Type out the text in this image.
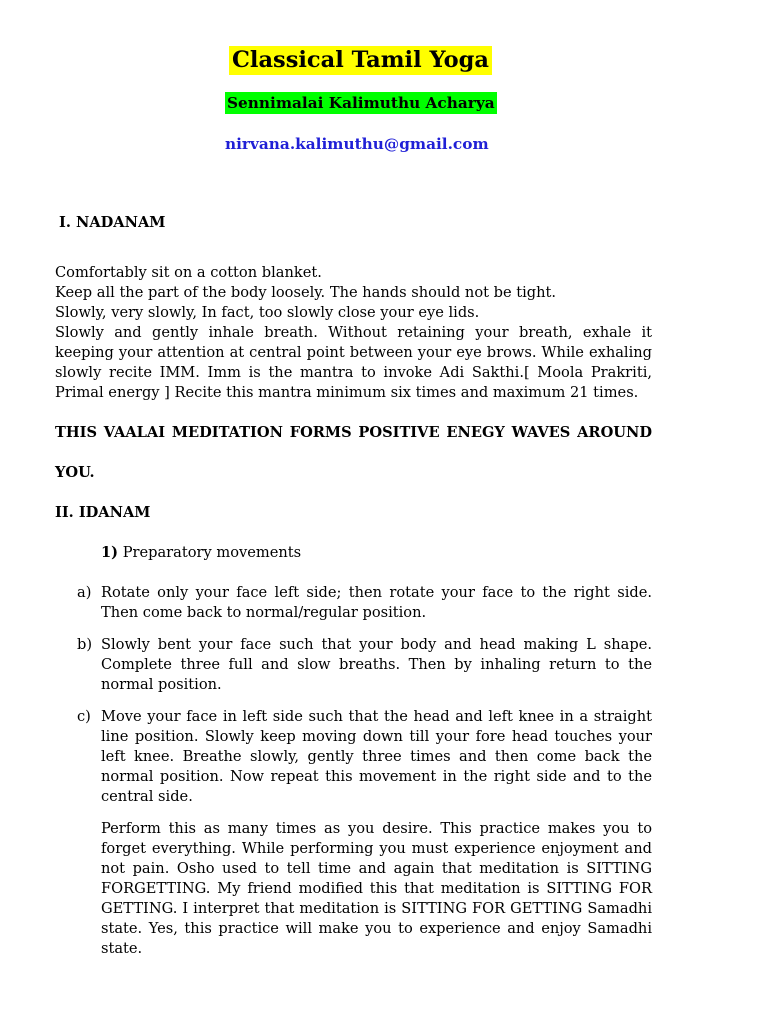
Classical Tamil Yoga
Sennimalai Kalimuthu Acharya
nirvana.kalimuthu@gmail.com

I. NADANAM

Comfortably sit on a cotton blanket.

Keep all the part of the body loosely. The hands should not be tight.

Slowly, very slowly, In fact, too slowly close your eye lids.

Slowly and gently inhale breath. Without retaining your breath, exhale it keeping your attention at central point between your eye brows. While exhaling slowly recite IMM. Imm is the mantra to invoke Adi Sakthi.[ Moola Prakriti, Primal energy ] Recite this mantra minimum six times and maximum 21 times.

THIS VAALAI MEDITATION FORMS POSITIVE ENEGY WAVES AROUND

YOU.

II. IDANAM

1) Preparatory movements

a) Rotate only your face left side; then rotate your face to the right side. Then come back to normal/regular position.
b) Slowly bent your face such that your body and head making L shape. Complete three full and slow breaths. Then by inhaling return to the normal position.
c) Move your face in left side such that the head and left knee in a straight line position. Slowly keep moving down till your fore head touches your left knee. Breathe slowly, gently three times and then come back the normal position. Now repeat this movement in the right side and to the central side.

Perform this as many times as you desire. This practice makes you to forget everything. While performing you must experience enjoyment and not pain. Osho used to tell time and again that meditation is SITTING FORGETTING. My friend modified this that meditation is SITTING FOR GETTING. I interpret that meditation is SITTING FOR GETTING Samadhi state. Yes, this practice will make you to experience and enjoy Samadhi state.
